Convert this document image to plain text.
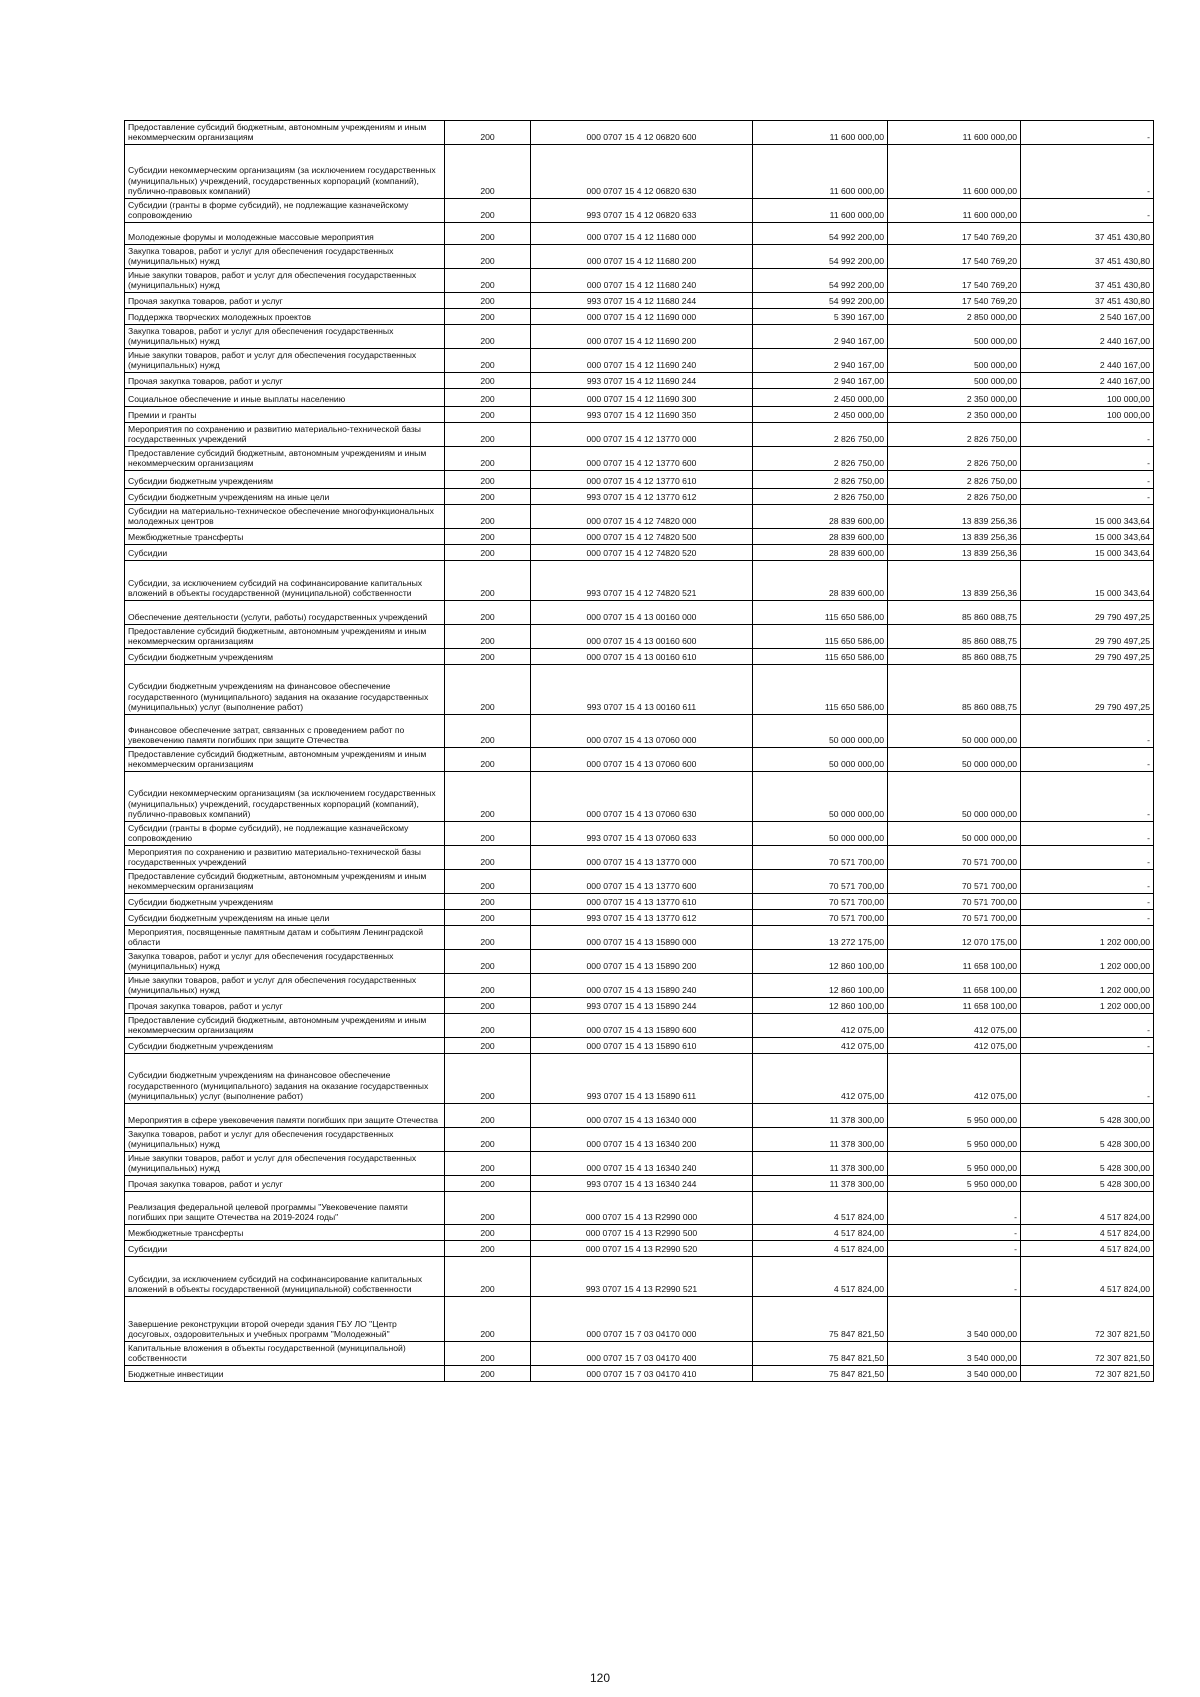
Предоставление субсидий бюджетным, автономным учреждениям и иным некоммерческим организациям	200	000 0707 15 4 12 06820 600	11 600 000,00	11 600 000,00	-
Субсидии некоммерческим организациям (за исключением государственных (муниципальных) учреждений, государственных корпораций (компаний), публично-правовых компаний)	200	000 0707 15 4 12 06820 630	11 600 000,00	11 600 000,00	-
Субсидии (гранты в форме субсидий), не подлежащие казначейскому сопровождению	200	993 0707 15 4 12 06820 633	11 600 000,00	11 600 000,00	-
Молодежные форумы и молодежные массовые мероприятия	200	000 0707 15 4 12 11680 000	54 992 200,00	17 540 769,20	37 451 430,80
Закупка товаров, работ и услуг для обеспечения государственных (муниципальных) нужд	200	000 0707 15 4 12 11680 200	54 992 200,00	17 540 769,20	37 451 430,80
Иные закупки товаров, работ и услуг для обеспечения государственных (муниципальных) нужд	200	000 0707 15 4 12 11680 240	54 992 200,00	17 540 769,20	37 451 430,80
Прочая закупка товаров, работ и услуг	200	993 0707 15 4 12 11680 244	54 992 200,00	17 540 769,20	37 451 430,80
Поддержка творческих молодежных проектов	200	000 0707 15 4 12 11690 000	5 390 167,00	2 850 000,00	2 540 167,00
Закупка товаров, работ и услуг для обеспечения государственных (муниципальных) нужд	200	000 0707 15 4 12 11690 200	2 940 167,00	500 000,00	2 440 167,00
Иные закупки товаров, работ и услуг для обеспечения государственных (муниципальных) нужд	200	000 0707 15 4 12 11690 240	2 940 167,00	500 000,00	2 440 167,00
Прочая закупка товаров, работ и услуг	200	993 0707 15 4 12 11690 244	2 940 167,00	500 000,00	2 440 167,00
Социальное обеспечение и иные выплаты населению	200	000 0707 15 4 12 11690 300	2 450 000,00	2 350 000,00	100 000,00
Премии и гранты	200	993 0707 15 4 12 11690 350	2 450 000,00	2 350 000,00	100 000,00
Мероприятия по сохранению и развитию материально-технической базы государственных учреждений	200	000 0707 15 4 12 13770 000	2 826 750,00	2 826 750,00	-
Предоставление субсидий бюджетным, автономным учреждениям и иным некоммерческим организациям	200	000 0707 15 4 12 13770 600	2 826 750,00	2 826 750,00	-
Субсидии бюджетным учреждениям	200	000 0707 15 4 12 13770 610	2 826 750,00	2 826 750,00	-
Субсидии бюджетным учреждениям на иные цели	200	993 0707 15 4 12 13770 612	2 826 750,00	2 826 750,00	-
Субсидии на материально-техническое обеспечение многофункциональных молодежных центров	200	000 0707 15 4 12 74820 000	28 839 600,00	13 839 256,36	15 000 343,64
Межбюджетные трансферты	200	000 0707 15 4 12 74820 500	28 839 600,00	13 839 256,36	15 000 343,64
Субсидии	200	000 0707 15 4 12 74820 520	28 839 600,00	13 839 256,36	15 000 343,64
Субсидии, за исключением субсидий на софинансирование капитальных вложений в объекты государственной (муниципальной) собственности	200	993 0707 15 4 12 74820 521	28 839 600,00	13 839 256,36	15 000 343,64
Обеспечение деятельности (услуги, работы) государственных учреждений	200	000 0707 15 4 13 00160 000	115 650 586,00	85 860 088,75	29 790 497,25
Предоставление субсидий бюджетным, автономным учреждениям и иным некоммерческим организациям	200	000 0707 15 4 13 00160 600	115 650 586,00	85 860 088,75	29 790 497,25
Субсидии бюджетным учреждениям	200	000 0707 15 4 13 00160 610	115 650 586,00	85 860 088,75	29 790 497,25
Субсидии бюджетным учреждениям на финансовое обеспечение государственного (муниципального) задания на оказание государственных (муниципальных) услуг (выполнение работ)	200	993 0707 15 4 13 00160 611	115 650 586,00	85 860 088,75	29 790 497,25
Финансовое обеспечение затрат, связанных с проведением работ по увековечению памяти погибших при защите Отечества	200	000 0707 15 4 13 07060 000	50 000 000,00	50 000 000,00	-
Предоставление субсидий бюджетным, автономным учреждениям и иным некоммерческим организациям	200	000 0707 15 4 13 07060 600	50 000 000,00	50 000 000,00	-
Субсидии некоммерческим организациям (за исключением государственных (муниципальных) учреждений, государственных корпораций (компаний), публично-правовых компаний)	200	000 0707 15 4 13 07060 630	50 000 000,00	50 000 000,00	-
Субсидии (гранты в форме субсидий), не подлежащие казначейскому сопровождению	200	993 0707 15 4 13 07060 633	50 000 000,00	50 000 000,00	-
Мероприятия по сохранению и развитию материально-технической базы государственных учреждений	200	000 0707 15 4 13 13770 000	70 571 700,00	70 571 700,00	-
Предоставление субсидий бюджетным, автономным учреждениям и иным некоммерческим организациям	200	000 0707 15 4 13 13770 600	70 571 700,00	70 571 700,00	-
Субсидии бюджетным учреждениям	200	000 0707 15 4 13 13770 610	70 571 700,00	70 571 700,00	-
Субсидии бюджетным учреждениям на иные цели	200	993 0707 15 4 13 13770 612	70 571 700,00	70 571 700,00	-
Мероприятия, посвященные памятным датам и событиям Ленинградской области	200	000 0707 15 4 13 15890 000	13 272 175,00	12 070 175,00	1 202 000,00
Закупка товаров, работ и услуг для обеспечения государственных (муниципальных) нужд	200	000 0707 15 4 13 15890 200	12 860 100,00	11 658 100,00	1 202 000,00
Иные закупки товаров, работ и услуг для обеспечения государственных (муниципальных) нужд	200	000 0707 15 4 13 15890 240	12 860 100,00	11 658 100,00	1 202 000,00
Прочая закупка товаров, работ и услуг	200	993 0707 15 4 13 15890 244	12 860 100,00	11 658 100,00	1 202 000,00
Предоставление субсидий бюджетным, автономным учреждениям и иным некоммерческим организациям	200	000 0707 15 4 13 15890 600	412 075,00	412 075,00	-
Субсидии бюджетным учреждениям	200	000 0707 15 4 13 15890 610	412 075,00	412 075,00	-
Субсидии бюджетным учреждениям на финансовое обеспечение государственного (муниципального) задания на оказание государственных (муниципальных) услуг (выполнение работ)	200	993 0707 15 4 13 15890 611	412 075,00	412 075,00	-
Мероприятия в сфере увековечения памяти погибших при защите Отечества	200	000 0707 15 4 13 16340 000	11 378 300,00	5 950 000,00	5 428 300,00
Закупка товаров, работ и услуг для обеспечения государственных (муниципальных) нужд	200	000 0707 15 4 13 16340 200	11 378 300,00	5 950 000,00	5 428 300,00
Иные закупки товаров, работ и услуг для обеспечения государственных (муниципальных) нужд	200	000 0707 15 4 13 16340 240	11 378 300,00	5 950 000,00	5 428 300,00
Прочая закупка товаров, работ и услуг	200	993 0707 15 4 13 16340 244	11 378 300,00	5 950 000,00	5 428 300,00
Реализация федеральной целевой программы "Увековечение памяти погибших при защите Отечества на 2019-2024 годы"	200	000 0707 15 4 13 R2990 000	4 517 824,00	-	4 517 824,00
Межбюджетные трансферты	200	000 0707 15 4 13 R2990 500	4 517 824,00	-	4 517 824,00
Субсидии	200	000 0707 15 4 13 R2990 520	4 517 824,00	-	4 517 824,00
Субсидии, за исключением субсидий на софинансирование капитальных вложений в объекты государственной (муниципальной) собственности	200	993 0707 15 4 13 R2990 521	4 517 824,00	-	4 517 824,00
Завершение реконструкции второй очереди здания ГБУ ЛО "Центр досуговых, оздоровительных и учебных программ "Молодежный"	200	000 0707 15 7 03 04170 000	75 847 821,50	3 540 000,00	72 307 821,50
Капитальные вложения в объекты государственной (муниципальной) собственности	200	000 0707 15 7 03 04170 400	75 847 821,50	3 540 000,00	72 307 821,50
Бюджетные инвестиции	200	000 0707 15 7 03 04170 410	75 847 821,50	3 540 000,00	72 307 821,50
120
